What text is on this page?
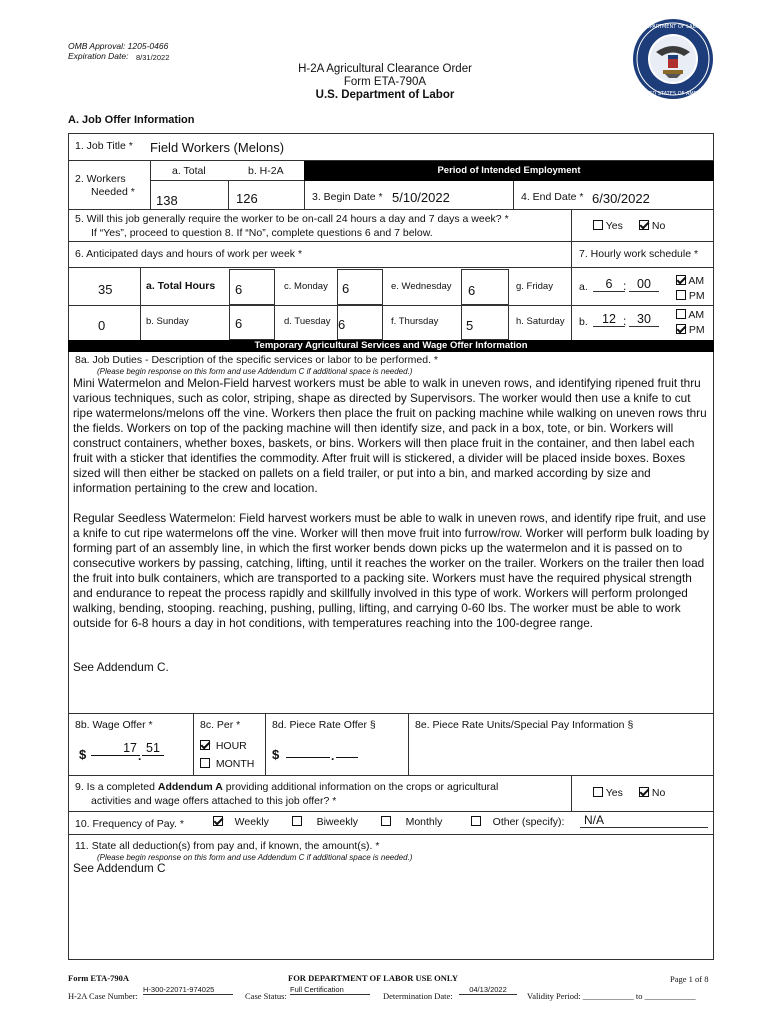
OMB Approval: 1205-0466
Expiration Date: 8/31/2022
H-2A Agricultural Clearance Order
Form ETA-790A
U.S. Department of Labor
DEPARTMENT OF LABOR
UNITED STATES OF AMERICA
A. Job Offer Information
1. Job Title * Field Workers (Melons)
2. Workers
Needed *
a. Total	b. H-2A
138	126
Period of Intended Employment
3. Begin Date * 5/10/2022	4. End Date * 6/30/2022
5. Will this job generally require the worker to be on-call 24 hours a day and 7 days a week? *
If “Yes”, proceed to question 8. If “No”, complete questions 6 and 7 below.
Yes	No
6. Anticipated days and hours of work per week *	7. Hourly work schedule *
35	a. Total Hours 6	c. Monday 6	e. Wednesday 6	g. Friday a.	6 : 00	AM
PM
0	b. Sunday	6	d. Tuesday 6	f. Thursday 5	h. Saturday b.	12 : 30	AM
PM
Temporary Agricultural Services and Wage Offer Information
8a. Job Duties - Description of the specific services or labor to be performed. *
(Please begin response on this form and use Addendum C if additional space is needed.)
Mini Watermelon and Melon-Field harvest workers must be able to walk in uneven rows, and identifying ripened fruit thru various techniques, such as color, striping, shape as directed by Supervisors. The worker would then use a knife to cut ripe watermelons/melons off the vine. Workers then place the fruit on packing machine while walking on uneven rows thru the fields. Workers on top of the packing machine will then identify size, and pack in a box, tote, or bin. Workers will construct containers, whether boxes, baskets, or bins. Workers will then place fruit in the container, and then label each fruit with a sticker that identifies the commodity. After fruit will is stickered, a divider will be placed inside boxes. Boxes sized will then either be stacked on pallets on a field trailer, or put into a bin, and marked according by size and information pertaining to the crew and location.
Regular Seedless Watermelon: Field harvest workers must be able to walk in uneven rows, and identify ripe fruit, and use a knife to cut ripe watermelons off the vine. Worker will then move fruit into furrow/row. Worker will perform bulk loading by forming part of an assembly line, in which the first worker bends down picks up the watermelon and it is passed on to consecutive workers by passing, catching, lifting, until it reaches the worker on the trailer. Workers on the trailer then load the fruit into bulk containers, which are transported to a packing site. Workers must have the required physical strength and endurance to repeat the process rapidly and skillfully involved in this type of work. Workers will perform prolonged walking, bending, stooping. reaching, pushing, pulling, lifting, and carrying 0-60 lbs. The worker must be able to work outside for 6-8 hours a day in hot conditions, with temperatures reaching into the 100-degree range.
See Addendum C.
8b. Wage Offer *
$	17
.
51
8c. Per *
HOUR
MONTH
8d. Piece Rate Offer §
$	.
8e. Piece Rate Units/Special Pay Information §
9. Is a completed Addendum A providing additional information on the crops or agricultural
activities and wage offers attached to this job offer? *
Yes	No
10. Frequency of Pay. *	Weekly	Biweekly	Monthly	Other (specify):	N/A
11. State all deduction(s) from pay and, if known, the amount(s). *
(Please begin response on this form and use Addendum C if additional space is needed.)
See Addendum C
Form ETA-790A	FOR DEPARTMENT OF LABOR USE ONLY	Page 1 of 8
H-2A Case Number:
H-300-22071-974025
Case Status:
Full Certification
Determination Date:
04/13/2022
Validity Period: ____________ to ____________
